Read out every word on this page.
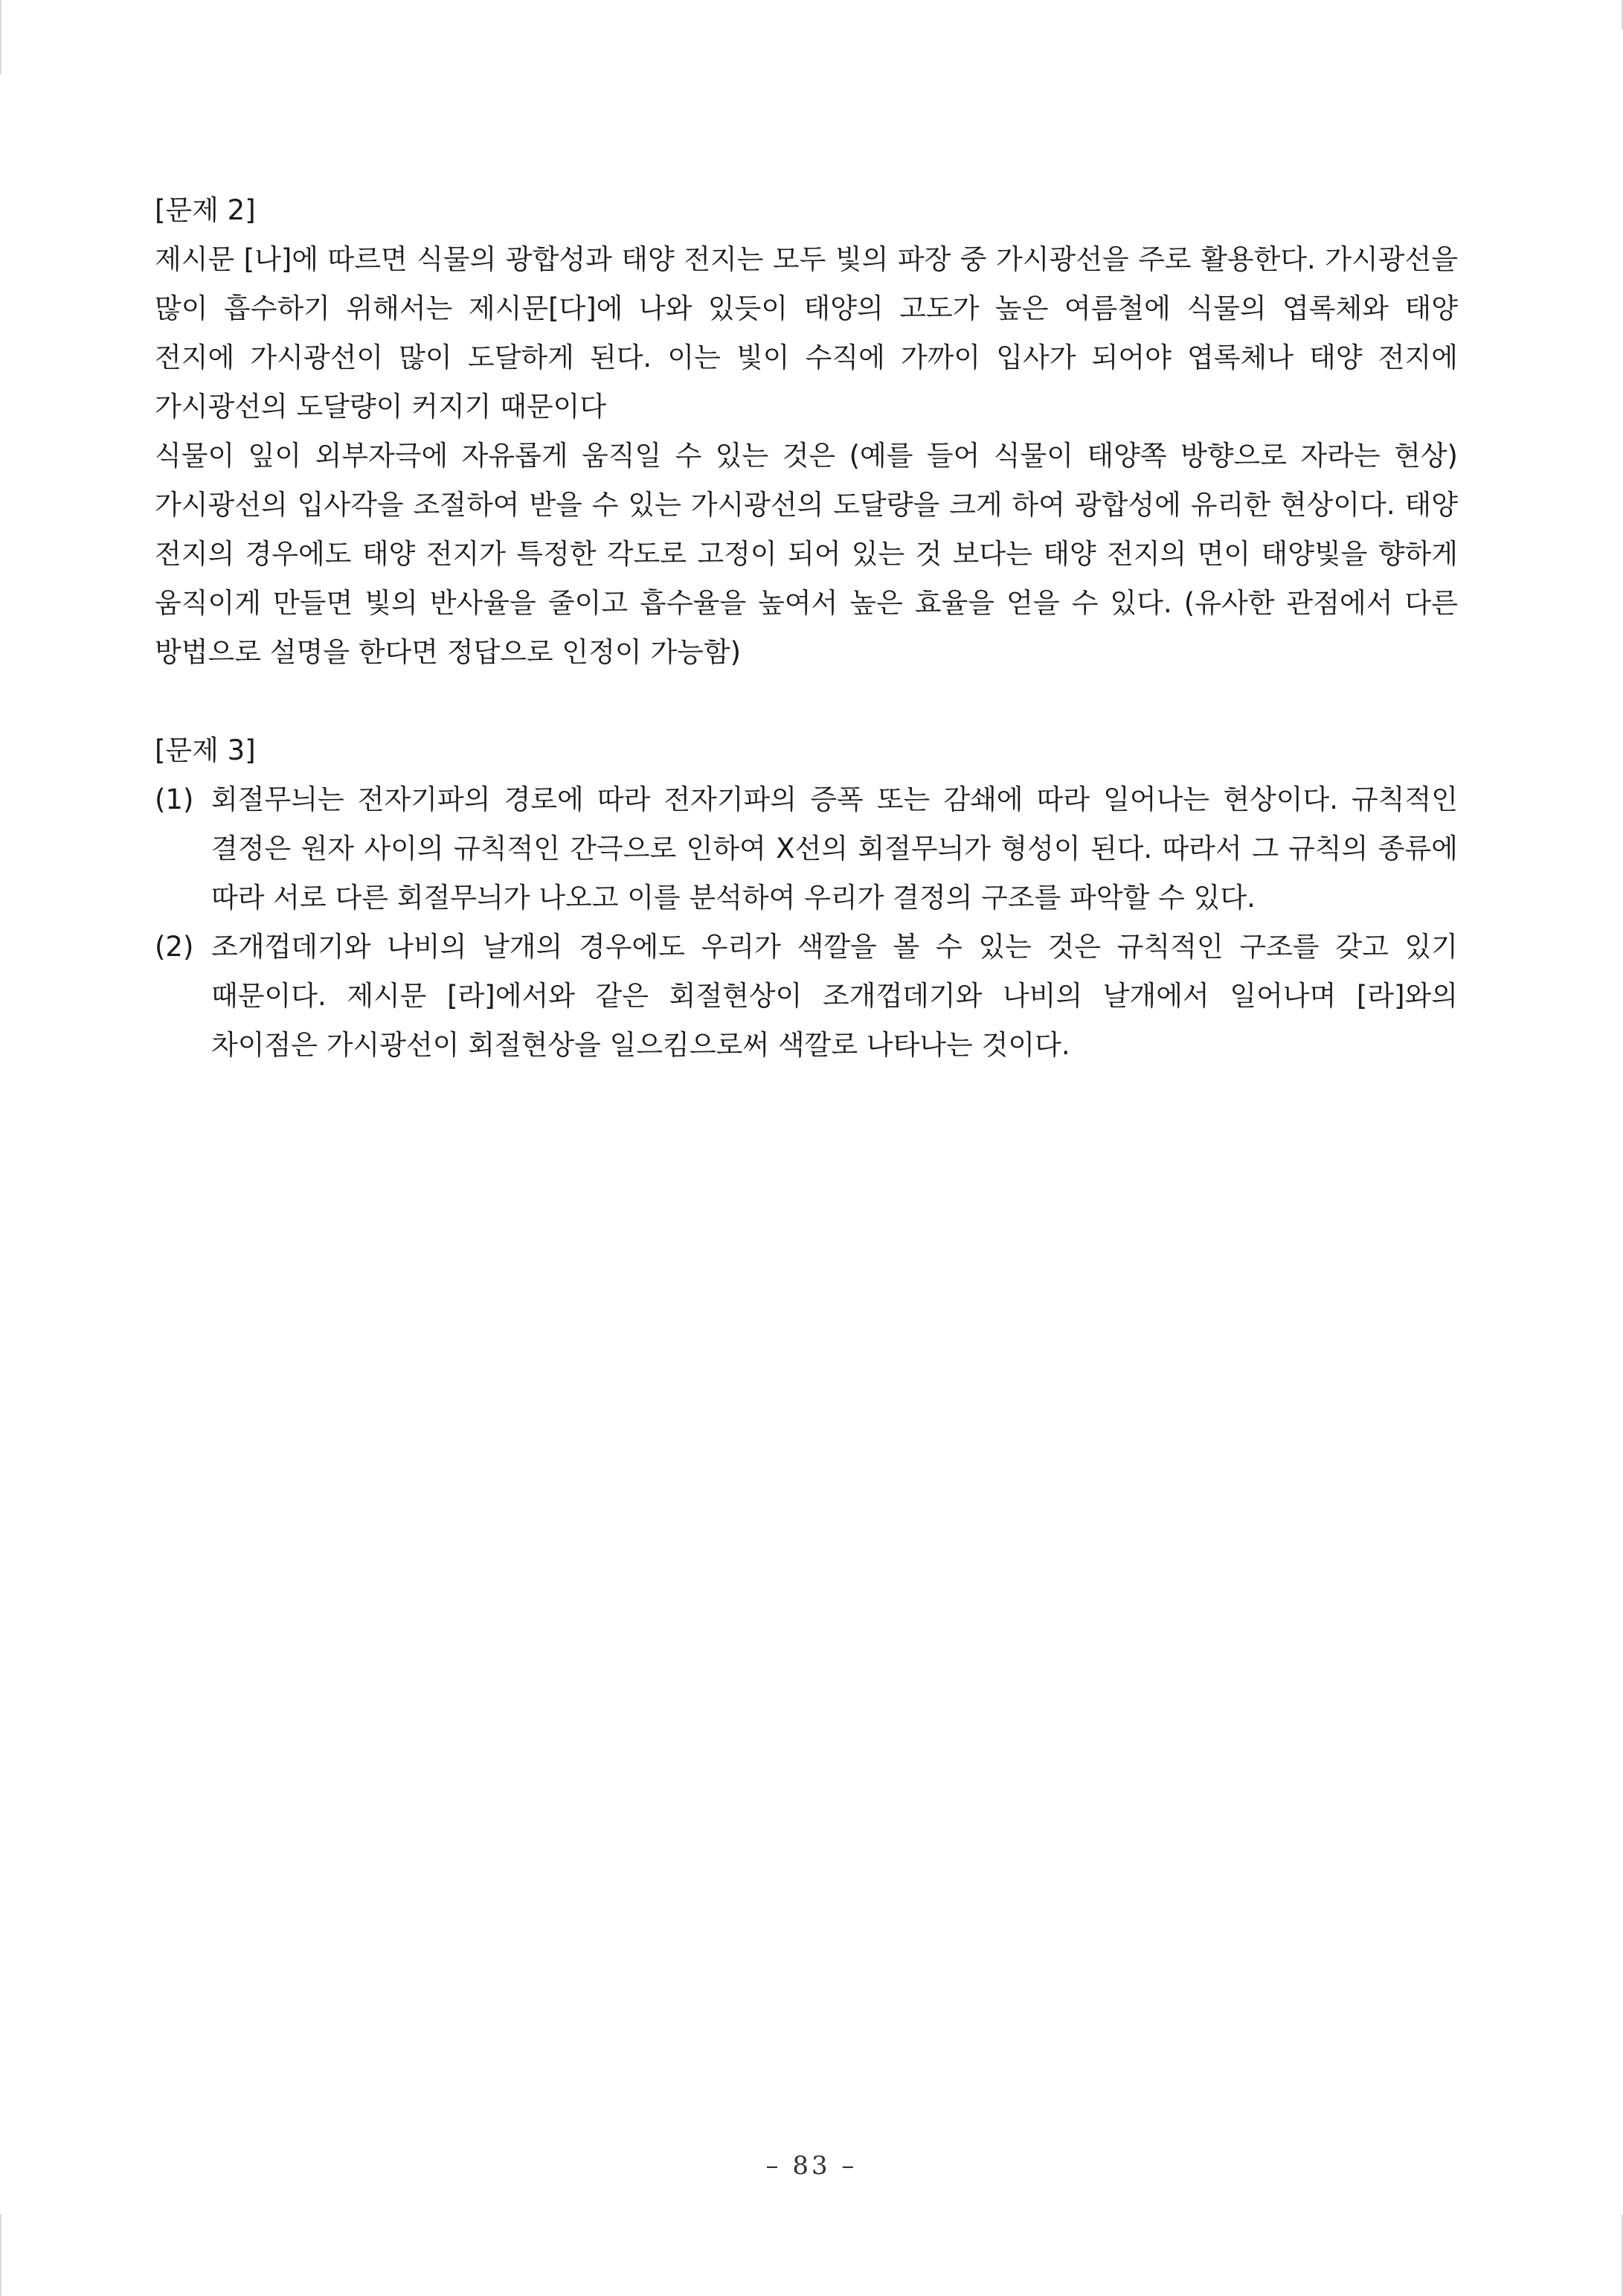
[문제 2]

제시문 [나]에 따르면 식물의 광합성과 태양 전지는 모두 빛의 파장 중 가시광선을 주로 활용한다. 가시광선을 많이 흡수하기 위해서는 제시문[다]에 나와 있듯이 태양의 고도가 높은 여름철에 식물의 엽록체와 태양 전지에 가시광선이 많이 도달하게 된다. 이는 빛이 수직에 가까이 입사가 되어야 엽록체나 태양 전지에 가시광선의 도달량이 커지기 때문이다

식물이 잎이 외부자극에 자유롭게 움직일 수 있는 것은 (예를 들어 식물이 태양쪽 방향으로 자라는 현상) 가시광선의 입사각을 조절하여 받을 수 있는 가시광선의 도달량을 크게 하여 광합성에 유리한 현상이다. 태양 전지의 경우에도 태양 전지가 특정한 각도로 고정이 되어 있는 것 보다는 태양 전지의 면이 태양빛을 향하게 움직이게 만들면 빛의 반사율을 줄이고 흡수율을 높여서 높은 효율을 얻을 수 있다. (유사한 관점에서 다른 방법으로 설명을 한다면 정답으로 인정이 가능함)

[문제 3]
(1) 회절무늬는 전자기파의 경로에 따라 전자기파의 증폭 또는 감쇄에 따라 일어나는 현상이다. 규칙적인 결정은 원자 사이의 규칙적인 간극으로 인하여 X선의 회절무늬가 형성이 된다. 따라서 그 규칙의 종류에 따라 서로 다른 회절무늬가 나오고 이를 분석하여 우리가 결정의 구조를 파악할 수 있다.
(2) 조개껍데기와 나비의 날개의 경우에도 우리가 색깔을 볼 수 있는 것은 규칙적인 구조를 갖고 있기 때문이다. 제시문 [라]에서와 같은 회절현상이 조개껍데기와 나비의 날개에서 일어나며 [라]와의 차이점은 가시광선이 회절현상을 일으킴으로써 색깔로 나타나는 것이다.
– 83 –
